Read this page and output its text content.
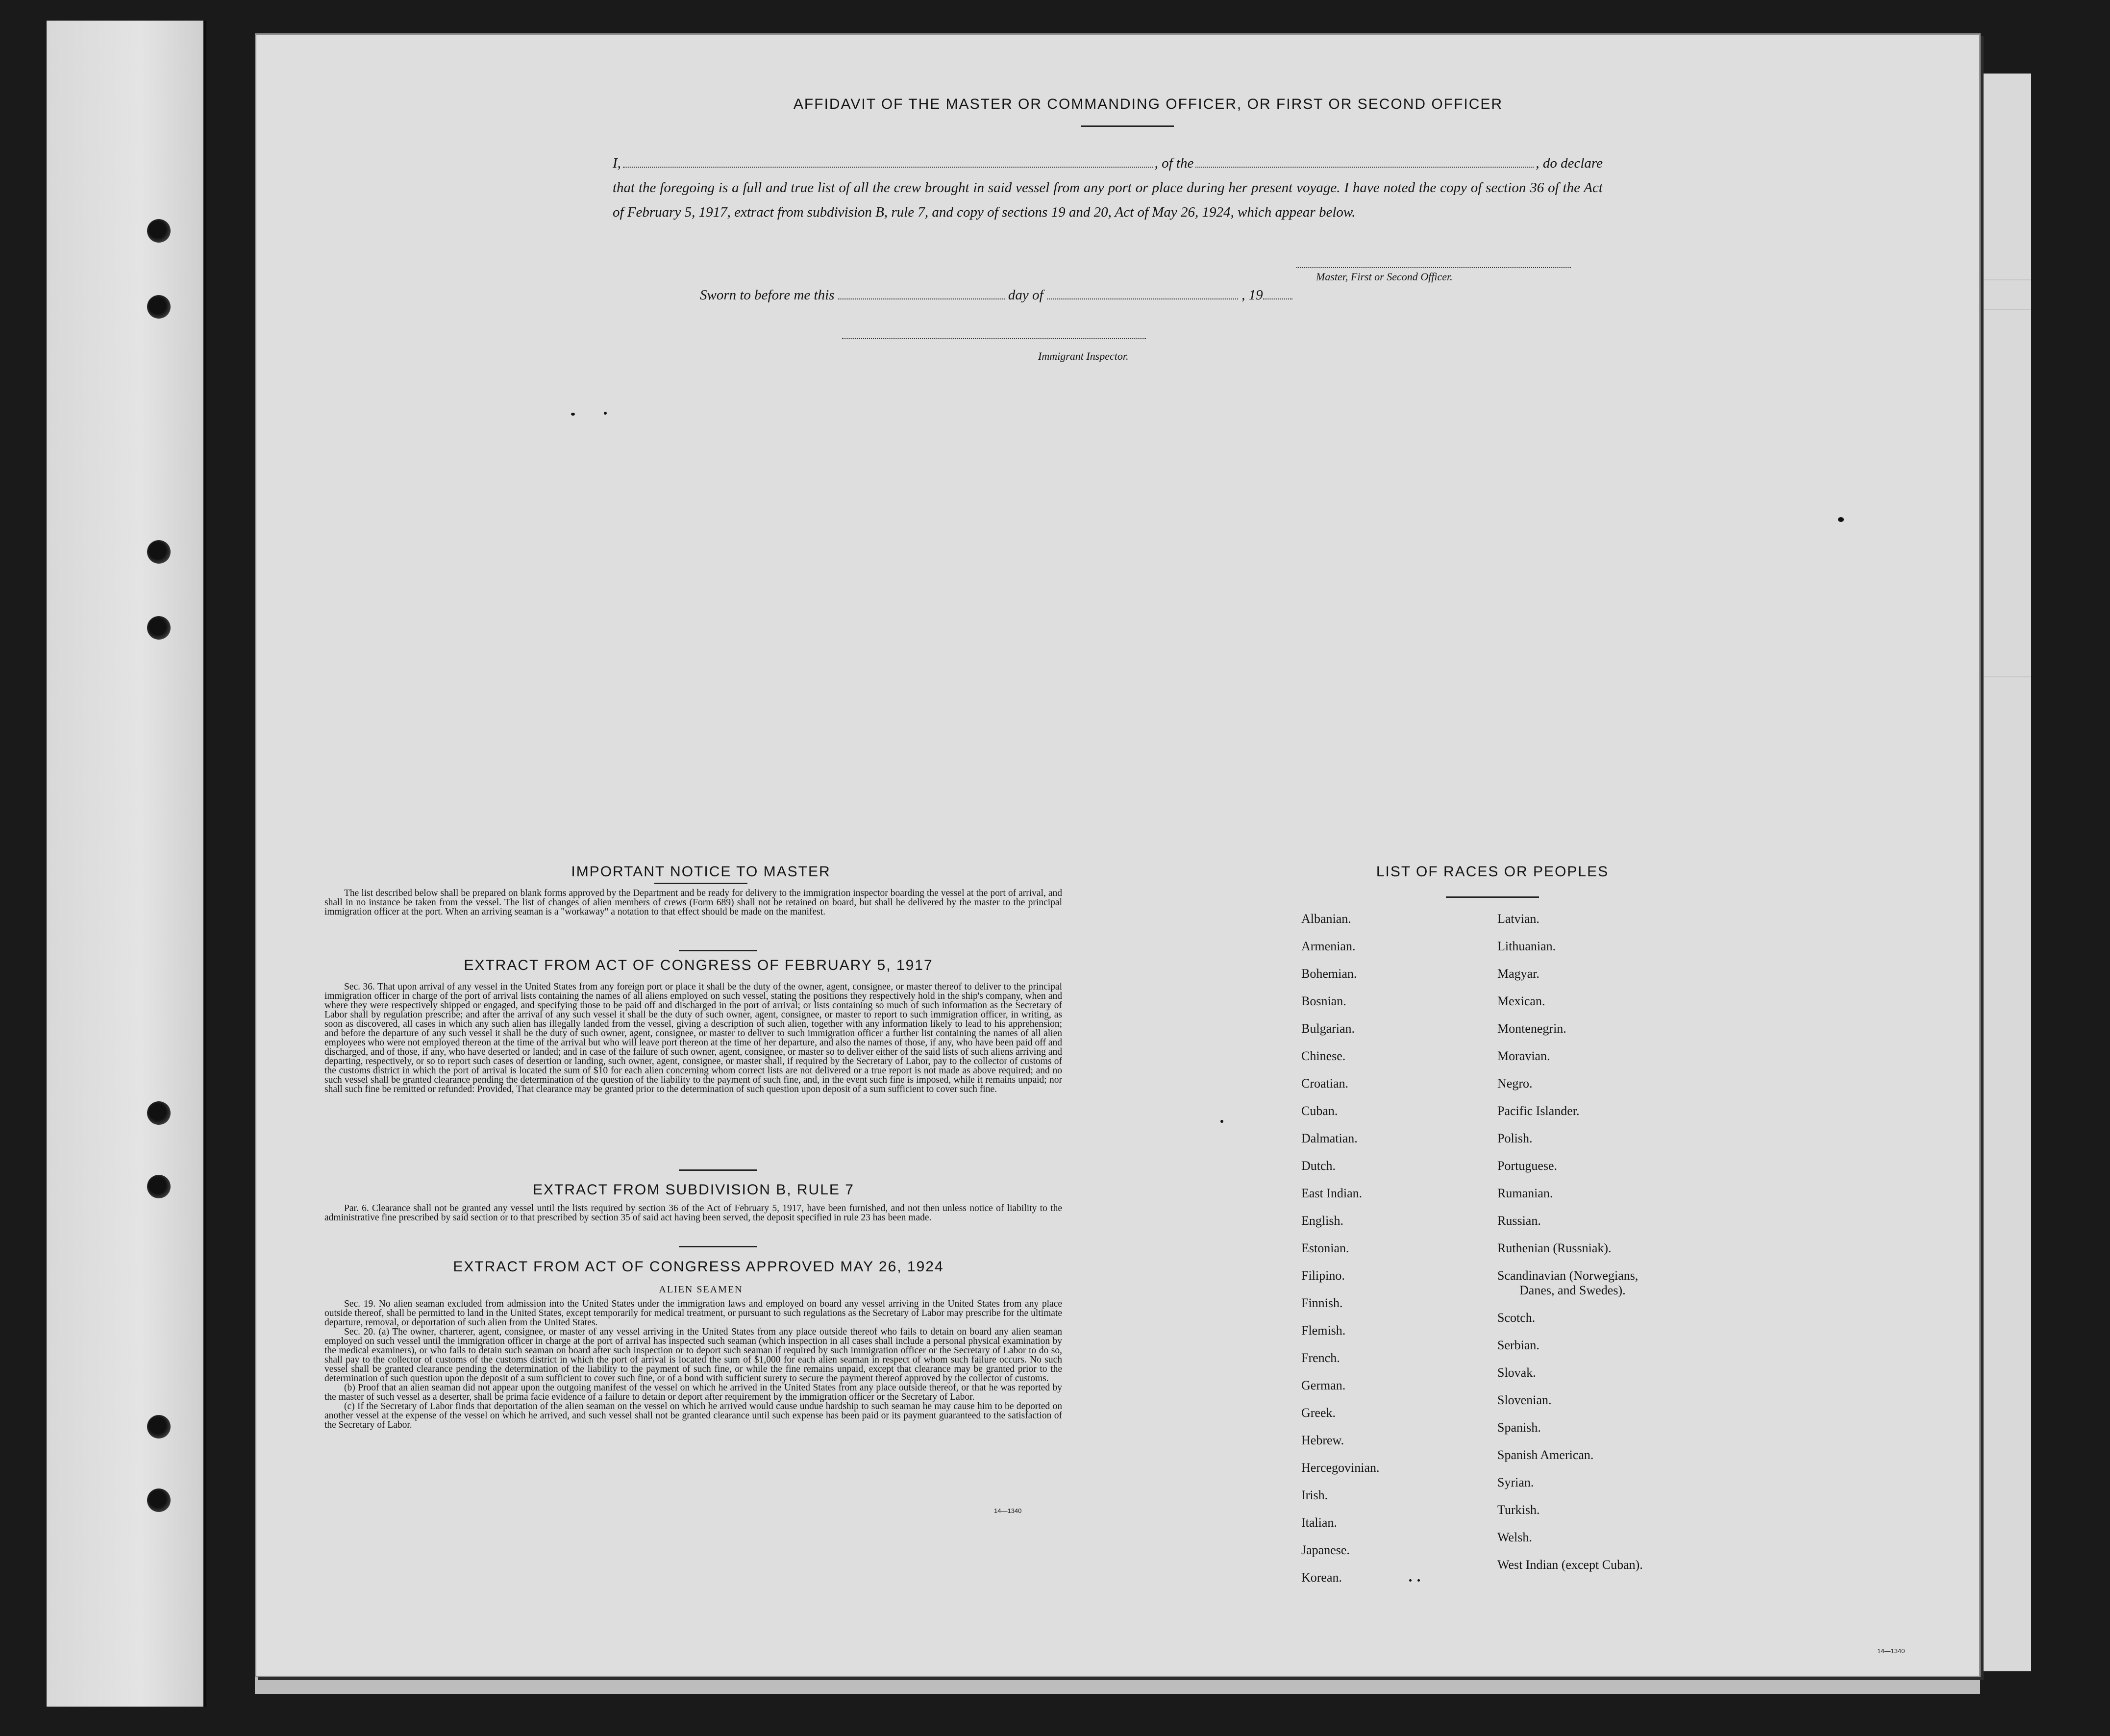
AFFIDAVIT OF THE MASTER OR COMMANDING OFFICER, OR FIRST OR SECOND OFFICER
I,	, of the	, do declare
that the foregoing is a full and true list of all the crew brought in said vessel from any port or place during her present voyage. I have noted the copy of section 36 of the Act of February 5, 1917, extract from subdivision B, rule 7, and copy of sections 19 and 20, Act of May 26, 1924, which appear below.
Master, First or Second Officer.
Sworn to before me this	day of	, 19
Immigrant Inspector.
IMPORTANT NOTICE TO MASTER

The list described below shall be prepared on blank forms approved by the Department and be ready for delivery to the immigration inspector boarding the vessel at the port of arrival, and shall in no instance be taken from the vessel. The list of changes of alien members of crews (Form 689) shall not be retained on board, but shall be delivered by the master to the principal immigration officer at the port. When an arriving seaman is a "workaway" a notation to that effect should be made on the manifest.

EXTRACT FROM ACT OF CONGRESS OF FEBRUARY 5, 1917

Sec. 36. That upon arrival of any vessel in the United States from any foreign port or place it shall be the duty of the owner, agent, consignee, or master thereof to deliver to the principal immigration officer in charge of the port of arrival lists containing the names of all aliens employed on such vessel, stating the positions they respectively hold in the ship's company, when and where they were respectively shipped or engaged, and specifying those to be paid off and discharged in the port of arrival; or lists containing so much of such information as the Secretary of Labor shall by regulation prescribe; and after the arrival of any such vessel it shall be the duty of such owner, agent, consignee, or master to report to such immigration officer, in writing, as soon as discovered, all cases in which any such alien has illegally landed from the vessel, giving a description of such alien, together with any information likely to lead to his apprehension; and before the departure of any such vessel it shall be the duty of such owner, agent, consignee, or master to deliver to such immigration officer a further list containing the names of all alien employees who were not employed thereon at the time of the arrival but who will leave port thereon at the time of her departure, and also the names of those, if any, who have been paid off and discharged, and of those, if any, who have deserted or landed; and in case of the failure of such owner, agent, consignee, or master so to deliver either of the said lists of such aliens arriving and departing, respectively, or so to report such cases of desertion or landing, such owner, agent, consignee, or master shall, if required by the Secretary of Labor, pay to the collector of customs of the customs district in which the port of arrival is located the sum of $10 for each alien concerning whom correct lists are not delivered or a true report is not made as above required; and no such vessel shall be granted clearance pending the determination of the question of the liability to the payment of such fine, and, in the event such fine is imposed, while it remains unpaid; nor shall such fine be remitted or refunded: Provided, That clearance may be granted prior to the determination of such question upon deposit of a sum sufficient to cover such fine.

EXTRACT FROM SUBDIVISION B, RULE 7

Par. 6. Clearance shall not be granted any vessel until the lists required by section 36 of the Act of February 5, 1917, have been furnished, and not then unless notice of liability to the administrative fine prescribed by said section or to that prescribed by section 35 of said act having been served, the deposit specified in rule 23 has been made.

EXTRACT FROM ACT OF CONGRESS APPROVED MAY 26, 1924
ALIEN SEAMEN

Sec. 19. No alien seaman excluded from admission into the United States under the immigration laws and employed on board any vessel arriving in the United States from any place outside thereof, shall be permitted to land in the United States, except temporarily for medical treatment, or pursuant to such regulations as the Secretary of Labor may prescribe for the ultimate departure, removal, or deportation of such alien from the United States.

Sec. 20. (a) The owner, charterer, agent, consignee, or master of any vessel arriving in the United States from any place outside thereof who fails to detain on board any alien seaman employed on such vessel until the immigration officer in charge at the port of arrival has inspected such seaman (which inspection in all cases shall include a personal physical examination by the medical examiners), or who fails to detain such seaman on board after such inspection or to deport such seaman if required by such immigration officer or the Secretary of Labor to do so, shall pay to the collector of customs of the customs district in which the port of arrival is located the sum of $1,000 for each alien seaman in respect of whom such failure occurs. No such vessel shall be granted clearance pending the determination of the liability to the payment of such fine, or while the fine remains unpaid, except that clearance may be granted prior to the determination of such question upon the deposit of a sum sufficient to cover such fine, or of a bond with sufficient surety to secure the payment thereof approved by the collector of customs.

(b) Proof that an alien seaman did not appear upon the outgoing manifest of the vessel on which he arrived in the United States from any place outside thereof, or that he was reported by the master of such vessel as a deserter, shall be prima facie evidence of a failure to detain or deport after requirement by the immigration officer or the Secretary of Labor.

(c) If the Secretary of Labor finds that deportation of the alien seaman on the vessel on which he arrived would cause undue hardship to such seaman he may cause him to be deported on another vessel at the expense of the vessel on which he arrived, and such vessel shall not be granted clearance until such expense has been paid or its payment guaranteed to the satisfaction of the Secretary of Labor.

14—1340
LIST OF RACES OR PEOPLES
Albanian.
Armenian.
Bohemian.
Bosnian.
Bulgarian.
Chinese.
Croatian.
Cuban.
Dalmatian.
Dutch.
East Indian.
English.
Estonian.
Filipino.
Finnish.
Flemish.
French.
German.
Greek.
Hebrew.
Hercegovinian.
Irish.
Italian.
Japanese.
Korean.
Latvian.
Lithuanian.
Magyar.
Mexican.
Montenegrin.
Moravian.
Negro.
Pacific Islander.
Polish.
Portuguese.
Rumanian.
Russian.
Ruthenian (Russniak).
Scandinavian (Norwegians,
Danes, and Swedes).
Scotch.
Serbian.
Slovak.
Slovenian.
Spanish.
Spanish American.
Syrian.
Turkish.
Welsh.
West Indian (except Cuban).
14—1340
